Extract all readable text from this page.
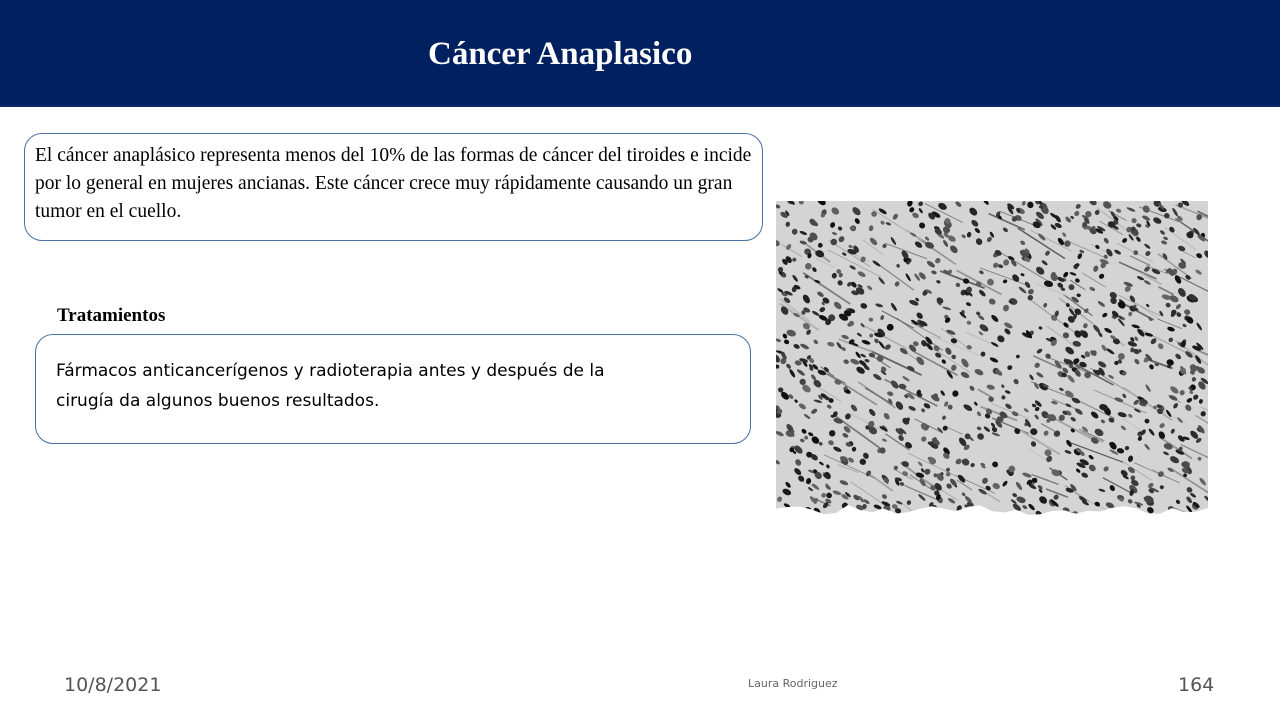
Cáncer Anaplasico

El cáncer anaplásico representa menos del 10% de las formas de cáncer del tiroides e incide por lo general en mujeres ancianas. Este cáncer crece muy rápidamente causando un gran tumor en el cuello.

Tratamientos

Fármacos anticancerígenos y radioterapia antes y después de la cirugía da algunos buenos resultados.

10/8/2021	Laura Rodriguez	164
